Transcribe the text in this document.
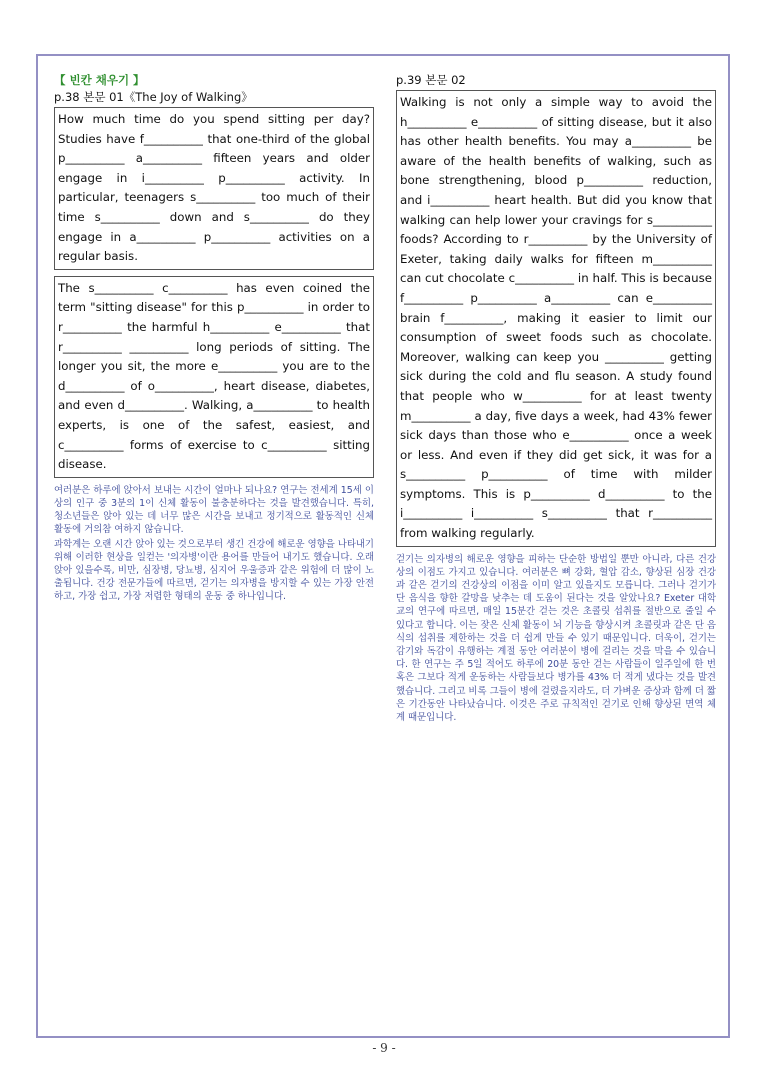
【 빈칸 채우기 】
p.38 본문 01《The Joy of Walking》

How much time do you spend sitting per day? Studies have f__________ that one-third of the global p__________ a__________ fifteen years and older engage in i__________ p__________ activity. In particular, teenagers s__________ too much of their time s__________ down and s__________ do they engage in a__________ p__________ activities on a regular basis.

The s__________ c__________ has even coined the term "sitting disease" for this p__________ in order to r__________ the harmful h__________ e__________ that r__________ __________ long periods of sitting. The longer you sit, the more e__________ you are to the d__________ of o__________, heart disease, diabetes, and even d__________. Walking, a__________ to health experts, is one of the safest, easiest, and c__________ forms of exercise to c__________ sitting disease.

여러분은 하루에 앉아서 보내는 시간이 얼마나 되나요? 연구는 전세계 15세 이상의 인구 중 3분의 1이 신체 활동이 불충분하다는 것을 발견했습니다. 특히, 청소년들은 앉아 있는 데 너무 많은 시간을 보내고 정기적으로 활동적인 신체 활동에 거의참 여하지 않습니다.

과학계는 오랜 시간 앉아 있는 것으로부터 생긴 건강에 해로운 영향을 나타내기 위해 이러한 현상을 일컫는 '의자병'이란 용어를 만들어 내기도 했습니다. 오래 앉아 있을수록, 비만, 심장병, 당뇨병, 심지어 우울증과 같은 위험에 더 많이 노출됩니다. 건강 전문가들에 따르면, 걷기는 의자병을 방지할 수 있는 가장 안전하고, 가장 쉽고, 가장 저렴한 형태의 운동 중 하나입니다.

p.39 본문 02

Walking is not only a simple way to avoid the h__________ e__________ of sitting disease, but it also has other health benefits. You may a__________ be aware of the health benefits of walking, such as bone strengthening, blood p__________ reduction, and i__________ heart health. But did you know that walking can help lower your cravings for s__________ foods? According to r__________ by the University of Exeter, taking daily walks for fifteen m__________ can cut chocolate c__________ in half. This is because f__________ p__________ a__________ can e__________ brain f__________, making it easier to limit our consumption of sweet foods such as chocolate. Moreover, walking can keep you __________ getting sick during the cold and flu season. A study found that people who w__________ for at least twenty m__________ a day, five days a week, had 43% fewer sick days than those who e__________ once a week or less. And even if they did get sick, it was for a s__________ p__________ of time with milder symptoms. This is p__________ d__________ to the i__________ i__________ s__________ that r__________ from walking regularly.

걷기는 의자병의 해로운 영향을 피하는 단순한 방법일 뿐만 아니라, 다른 건강상의 이점도 가지고 있습니다. 여러분은 뼈 강화, 혈압 감소, 향상된 심장 건강과 같은 걷기의 건강상의 이점을 이미 알고 있을지도 모릅니다. 그러나 걷기가 단 음식을 향한 갈망을 낮추는 데 도움이 된다는 것을 알았나요? Exeter 대학교의 연구에 따르면, 매일 15분간 걷는 것은 초콜릿 섭취를 절반으로 줄일 수 있다고 합니다. 이는 잦은 신체 활동이 뇌 기능을 향상시켜 초콜릿과 같은 단 음식의 섭취를 제한하는 것을 더 쉽게 만들 수 있기 때문입니다. 더욱이, 걷기는 감기와 독감이 유행하는 계절 동안 여러분이 병에 걸리는 것을 막을 수 있습니다. 한 연구는 주 5일 적어도 하루에 20분 동안 걷는 사람들이 일주일에 한 번 혹은 그보다 적게 운동하는 사람들보다 병가를 43% 더 적게 냈다는 것을 발견했습니다. 그리고 비록 그들이 병에 걸렸을지라도, 더 가벼운 증상과 함께 더 짧은 기간동안 나타났습니다. 이것은 주로 규칙적인 걷기로 인해 향상된 면역 체계 때문입니다.

- 9 -
